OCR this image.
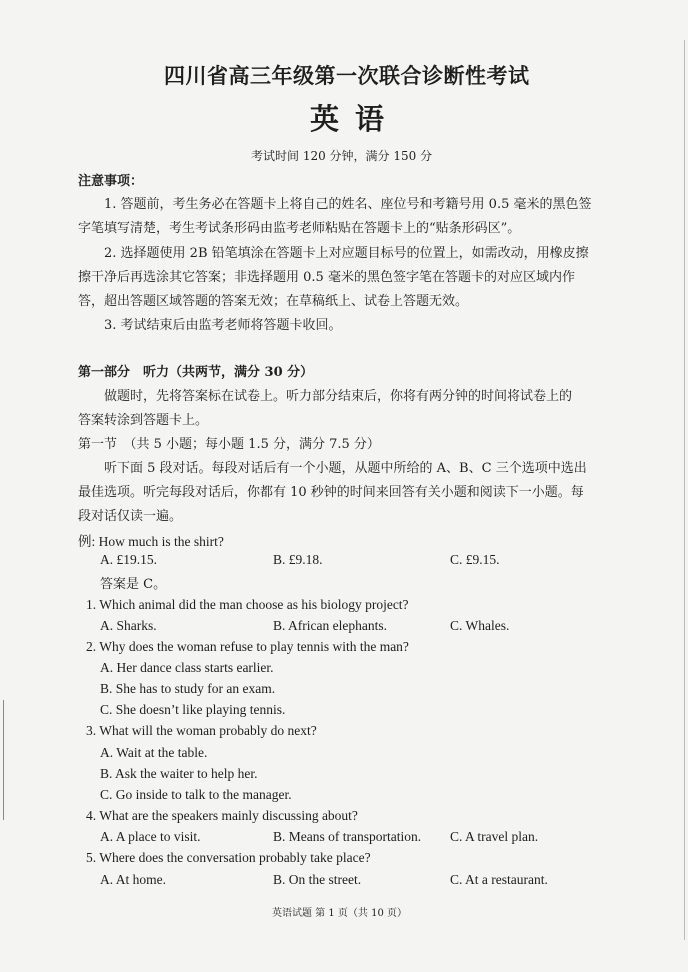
四川省高三年级第一次联合诊断性考试
英语
考试时间 120 分钟，满分 150 分
注意事项：
1. 答题前，考生务必在答题卡上将自己的姓名、座位号和考籍号用 0.5 毫米的黑色签
字笔填写清楚，考生考试条形码由监考老师粘贴在答题卡上的“贴条形码区”。
2. 选择题使用 2B 铅笔填涂在答题卡上对应题目标号的位置上，如需改动，用橡皮擦
擦干净后再选涂其它答案；非选择题用 0.5 毫米的黑色签字笔在答题卡的对应区域内作
答，超出答题区域答题的答案无效；在草稿纸上、试卷上答题无效。
3. 考试结束后由监考老师将答题卡收回。
第一部分　听力（共两节，满分 30 分）
做题时，先将答案标在试卷上。听力部分结束后，你将有两分钟的时间将试卷上的
答案转涂到答题卡上。
第一节　（共 5 小题；每小题 1.5 分，满分 7.5 分）
听下面 5 段对话。每段对话后有一个小题，从题中所给的 A、B、C 三个选项中选出
最佳选项。听完每段对话后，你都有 10 秒钟的时间来回答有关小题和阅读下一小题。每
段对话仅读一遍。
例: How much is the shirt?
A. £19.15.	B. £9.18.	C. £9.15.
答案是 C。
1. Which animal did the man choose as his biology project?
A. Sharks.	B. African elephants.	C. Whales.
2. Why does the woman refuse to play tennis with the man?
A. Her dance class starts earlier.
B. She has to study for an exam.
C. She doesn’t like playing tennis.
3. What will the woman probably do next?
A. Wait at the table.
B. Ask the waiter to help her.
C. Go inside to talk to the manager.
4. What are the speakers mainly discussing about?
A. A place to visit.	B. Means of transportation. C. A travel plan.
5. Where does the conversation probably take place?
A. At home.	B. On the street.	C. At a restaurant.
英语试题 第 1 页（共 10 页）
